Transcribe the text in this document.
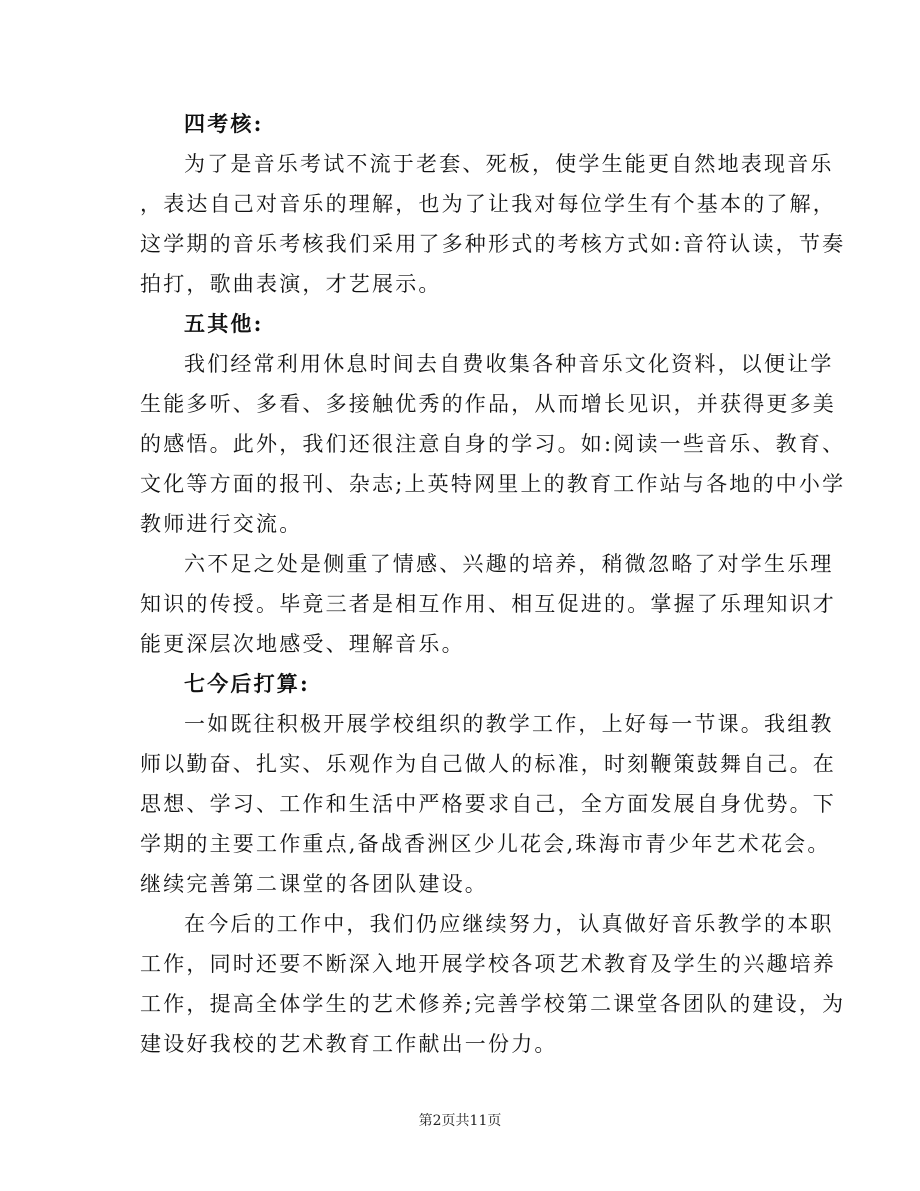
四考核:
为了是音乐考试不流于老套、死板，使学生能更自然地表现音乐
，表达自己对音乐的理解，也为了让我对每位学生有个基本的了解，
这学期的音乐考核我们采用了多种形式的考核方式如:音符认读，节奏
拍打，歌曲表演，才艺展示。
五其他:
我们经常利用休息时间去自费收集各种音乐文化资料，以便让学
生能多听、多看、多接触优秀的作品，从而增长见识，并获得更多美
的感悟。此外，我们还很注意自身的学习。如:阅读一些音乐、教育、
文化等方面的报刊、杂志;上英特网里上的教育工作站与各地的中小学
教师进行交流。
六不足之处是侧重了情感、兴趣的培养，稍微忽略了对学生乐理
知识的传授。毕竟三者是相互作用、相互促进的。掌握了乐理知识才
能更深层次地感受、理解音乐。
七今后打算:
一如既往积极开展学校组织的教学工作，上好每一节课。我组教
师以勤奋、扎实、乐观作为自己做人的标准，时刻鞭策鼓舞自己。在
思想、学习、工作和生活中严格要求自己，全方面发展自身优势。下
学期的主要工作重点,备战香洲区少儿花会,珠海市青少年艺术花会。
继续完善第二课堂的各团队建设。
在今后的工作中，我们仍应继续努力，认真做好音乐教学的本职
工作，同时还要不断深入地开展学校各项艺术教育及学生的兴趣培养
工作，提高全体学生的艺术修养;完善学校第二课堂各团队的建设，为
建设好我校的艺术教育工作献出一份力。
第2页共11页
